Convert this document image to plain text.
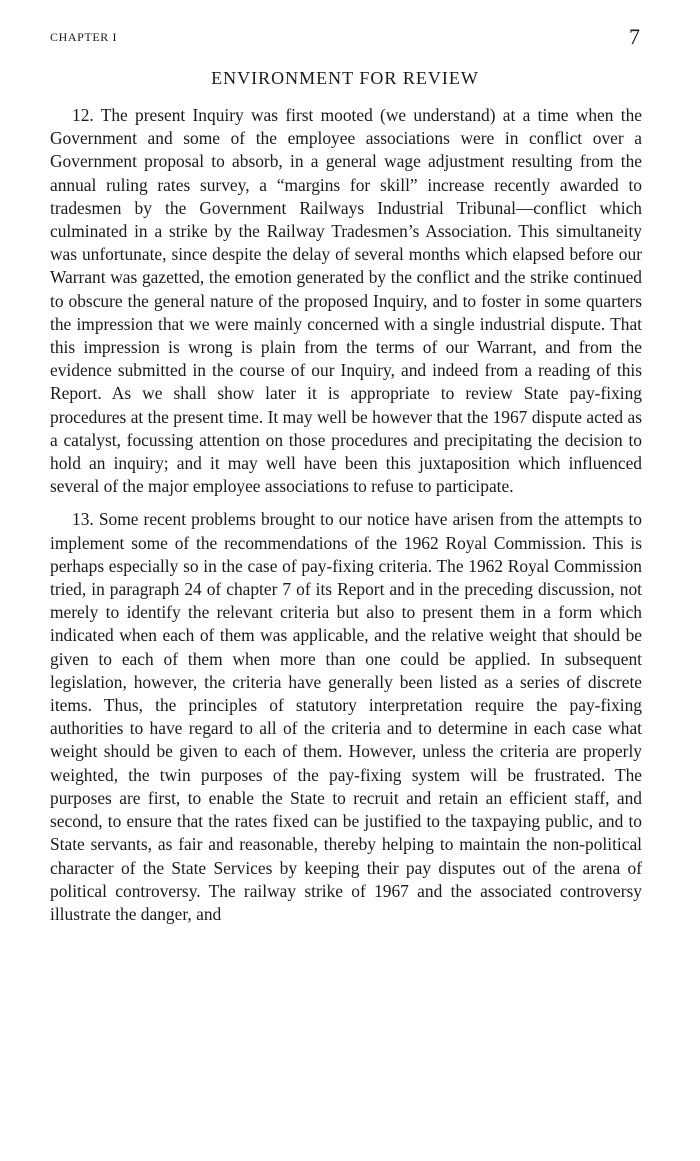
CHAPTER I	7
ENVIRONMENT FOR REVIEW

12. The present Inquiry was first mooted (we understand) at a time when the Government and some of the employee associations were in conflict over a Government proposal to absorb, in a general wage adjustment resulting from the annual ruling rates survey, a “margins for skill” increase recently awarded to tradesmen by the Government Railways Industrial Tribunal—conflict which culminated in a strike by the Railway Tradesmen’s Association. This simultaneity was unfortunate, since despite the delay of several months which elapsed before our Warrant was gazetted, the emotion generated by the conflict and the strike continued to obscure the general nature of the proposed Inquiry, and to foster in some quarters the impression that we were mainly concerned with a single industrial dispute. That this impression is wrong is plain from the terms of our Warrant, and from the evidence submitted in the course of our Inquiry, and indeed from a reading of this Report. As we shall show later it is appropriate to review State pay-fixing procedures at the present time. It may well be however that the 1967 dispute acted as a catalyst, focussing attention on those procedures and precipitating the decision to hold an inquiry; and it may well have been this juxtaposition which influenced several of the major employee associations to refuse to participate.

13. Some recent problems brought to our notice have arisen from the attempts to implement some of the recommendations of the 1962 Royal Commission. This is perhaps especially so in the case of pay-fixing criteria. The 1962 Royal Commission tried, in paragraph 24 of chapter 7 of its Report and in the preceding discussion, not merely to identify the relevant criteria but also to present them in a form which indicated when each of them was applicable, and the relative weight that should be given to each of them when more than one could be applied. In subsequent legislation, however, the criteria have generally been listed as a series of discrete items. Thus, the principles of statutory interpretation require the pay-fixing authorities to have regard to all of the criteria and to determine in each case what weight should be given to each of them. However, unless the criteria are properly weighted, the twin purposes of the pay-fixing system will be frustrated. The purposes are first, to enable the State to recruit and retain an efficient staff, and second, to ensure that the rates fixed can be justified to the taxpaying public, and to State servants, as fair and reasonable, thereby helping to maintain the non-political character of the State Services by keeping their pay disputes out of the arena of political controversy. The railway strike of 1967 and the associated controversy illustrate the danger, and
